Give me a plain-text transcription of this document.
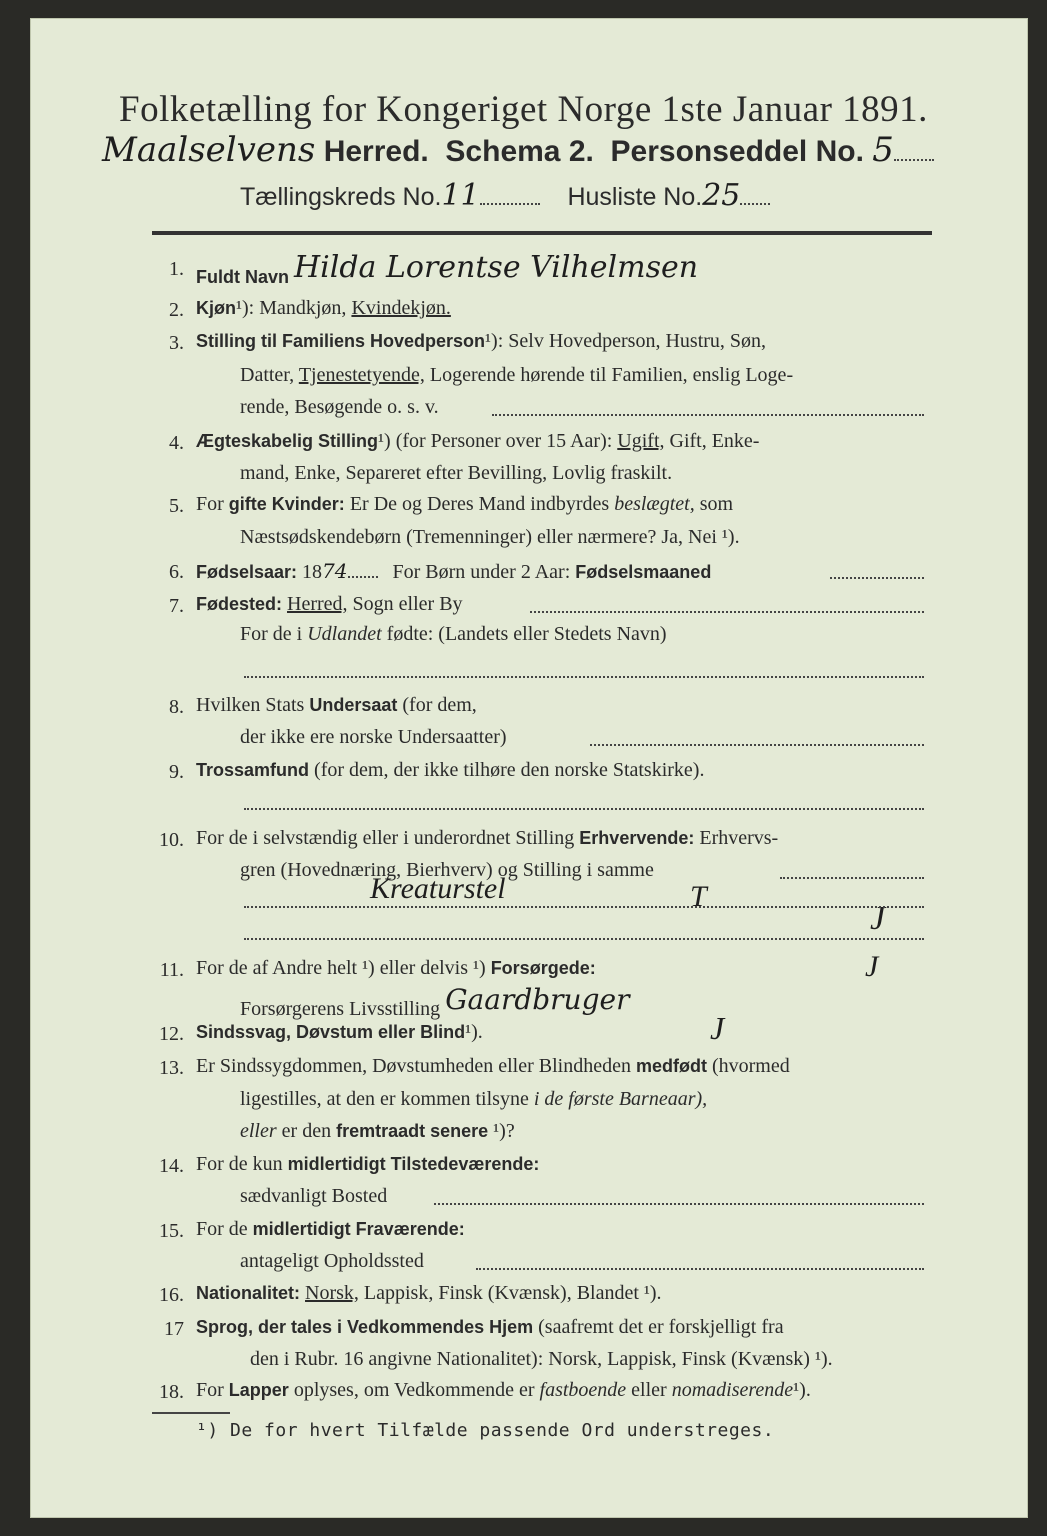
Folketælling for Kongeriget Norge 1ste Januar 1891.
Maalselvens Herred. Schema 2. Personseddel No. 5
Tællingskreds No.11	Husliste No.25
1. Fuldt Navn Hilda Lorentse Vilhelmsen
2. Kjøn¹): Mandkjøn, Kvindekjøn.
3. Stilling til Familiens Hovedperson¹): Selv Hovedperson, Hustru, Søn,
Datter, Tjenestetyende, Logerende hørende til Familien, enslig Loge-
rende, Besøgende o. s. v.
4. Ægteskabelig Stilling¹) (for Personer over 15 Aar): Ugift, Gift, Enke-
mand, Enke, Separeret efter Bevilling, Lovlig fraskilt.
5. For gifte Kvinder: Er De og Deres Mand indbyrdes beslægtet, som
Næstsødskendebørn (Tremenninger) eller nærmere? Ja, Nei ¹).
6. Fødselsaar: 1874 For Børn under 2 Aar: Fødselsmaaned
7. Fødested: Herred, Sogn eller By
For de i Udlandet fødte: (Landets eller Stedets Navn)
8. Hvilken Stats Undersaat (for dem,
der ikke ere norske Undersaatter)
9. Trossamfund (for dem, der ikke tilhøre den norske Statskirke).
10. For de i selvstændig eller i underordnet Stilling Erhvervende: Erhvervs-
gren (Hovednæring, Bierhverv) og Stilling i samme
Kreaturstel	T
J
11. For de af Andre helt ¹) eller delvis ¹) Forsørgede:	J
Forsørgerens Livsstilling Gaardbruger
12. Sindssvag, Døvstum eller Blind¹).	J
13. Er Sindssygdommen, Døvstumheden eller Blindheden medfødt (hvormed
ligestilles, at den er kommen tilsyne i de første Barneaar),
eller er den fremtraadt senere ¹)?
14. For de kun midlertidigt Tilstedeværende:
sædvanligt Bosted
15. For de midlertidigt Fraværende:
antageligt Opholdssted
16. Nationalitet: Norsk, Lappisk, Finsk (Kvænsk), Blandet ¹).
17 Sprog, der tales i Vedkommendes Hjem (saafremt det er forskjelligt fra
den i Rubr. 16 angivne Nationalitet): Norsk, Lappisk, Finsk (Kvænsk) ¹).
18. For Lapper oplyses, om Vedkommende er fastboende eller nomadiserende¹).
¹) De for hvert Tilfælde passende Ord understreges.
